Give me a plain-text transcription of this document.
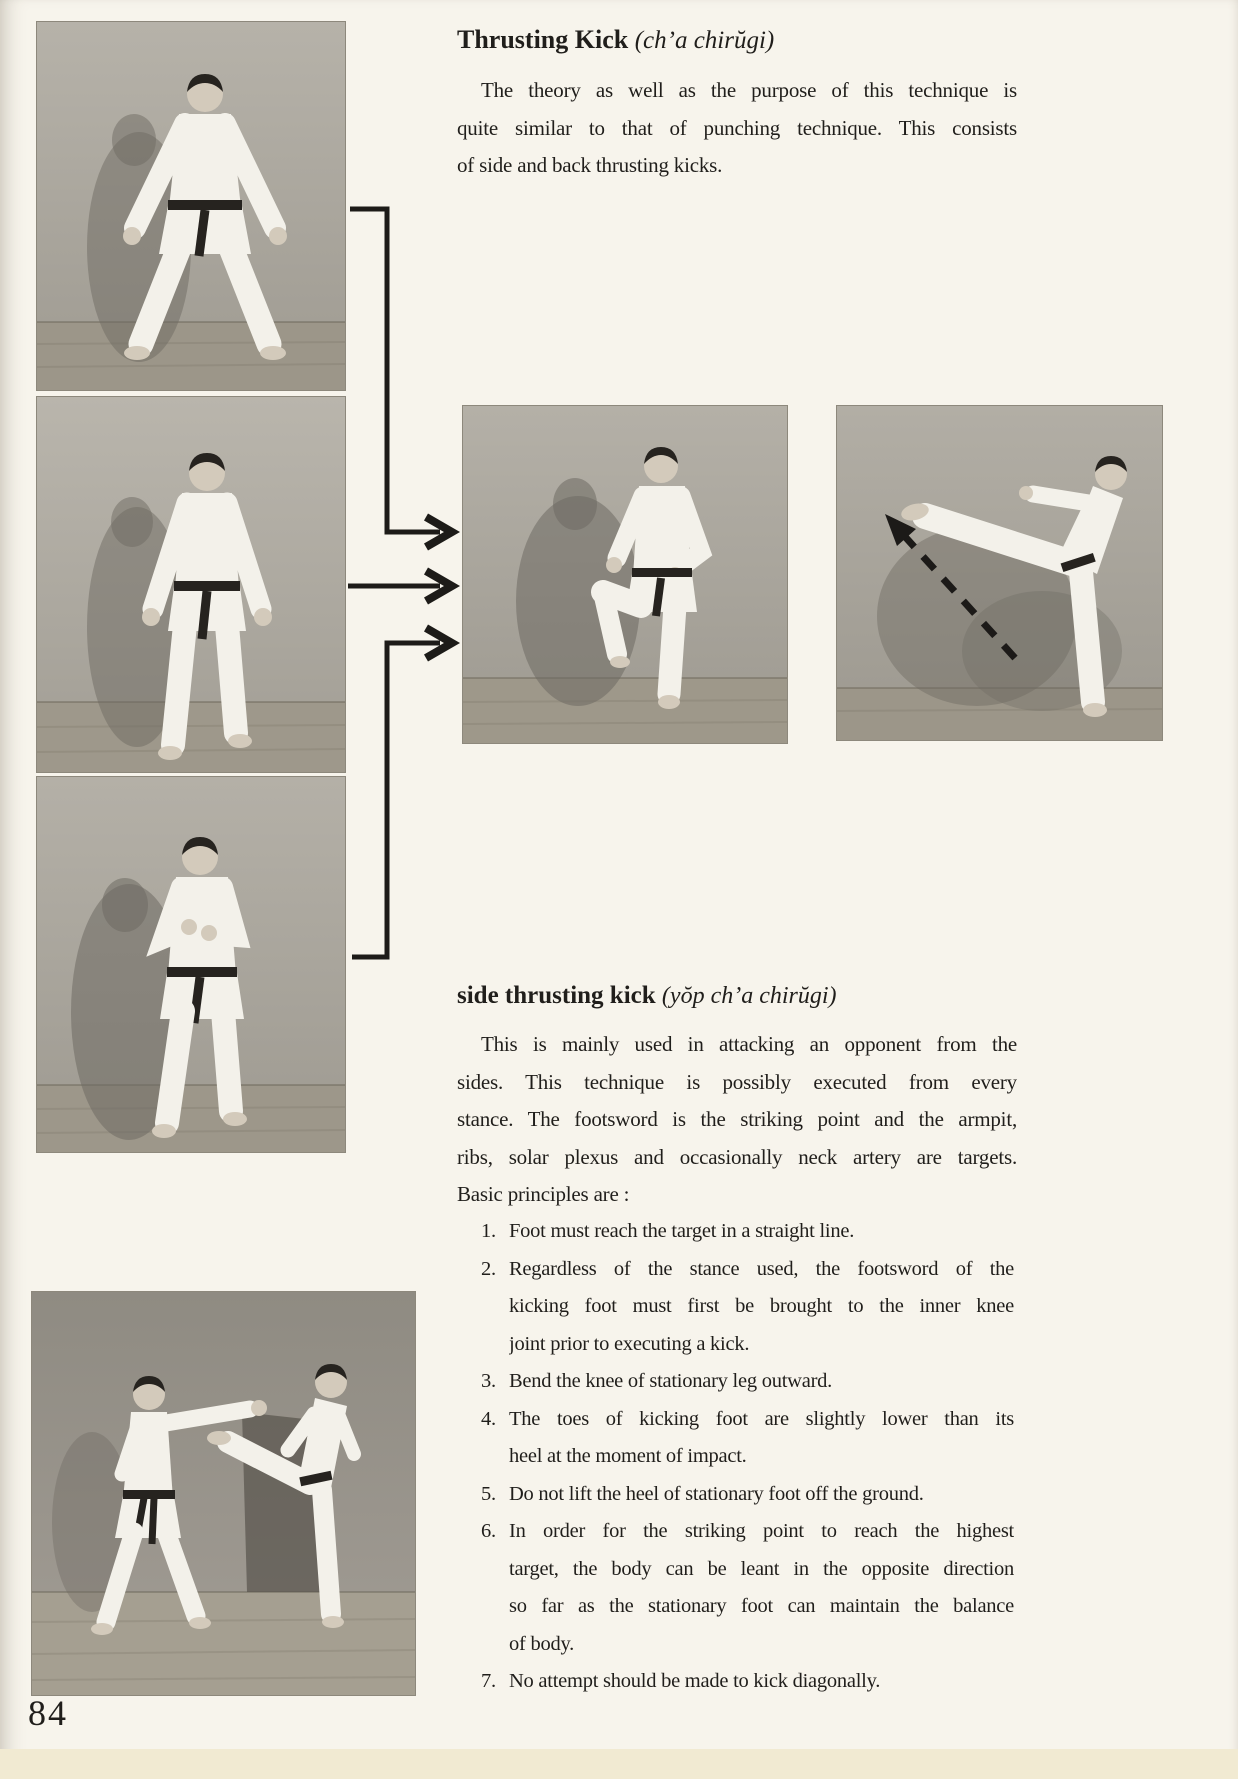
Thrusting Kick (ch’a chirŭgi)
The theory as well as the purpose of this technique is
quite similar to that of punching technique. This consists
of side and back thrusting kicks.
side thrusting kick (yŏp ch’a chirŭgi)
This is mainly used in attacking an opponent from the
sides. This technique is possibly executed from every
stance. The footsword is the striking point and the armpit,
ribs, solar plexus and occasionally neck artery are targets.
Basic principles are :
1. Foot must reach the target in a straight line.
2. Regardless of the stance used, the footsword of the
kicking foot must first be brought to the inner knee
joint prior to executing a kick.
3. Bend the knee of stationary leg outward.
4. The toes of kicking foot are slightly lower than its
heel at the moment of impact.
5. Do not lift the heel of stationary foot off the ground.
6. In order for the striking point to reach the highest
target, the body can be leant in the opposite direction
so far as the stationary foot can maintain the balance
of body.
7. No attempt should be made to kick diagonally.
84
